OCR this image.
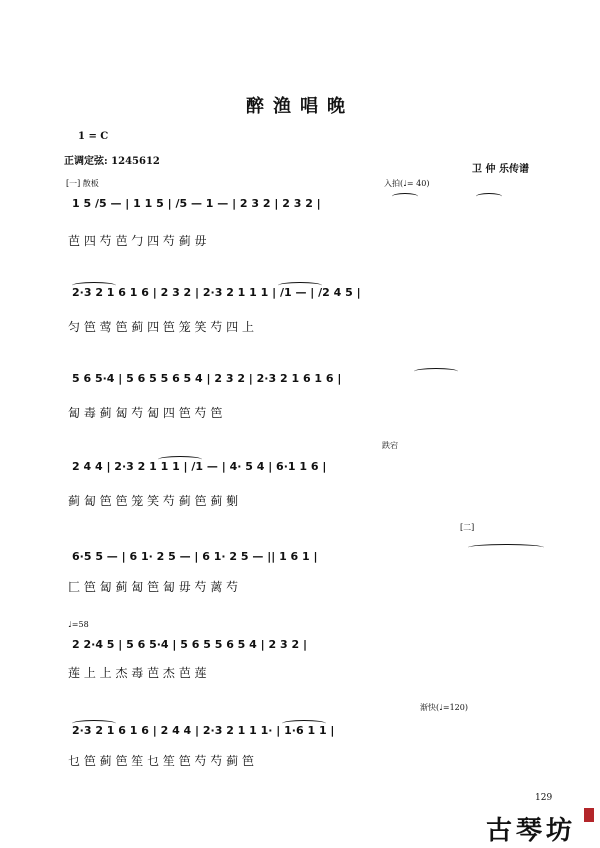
醉渔唱晚
1 = C
正调定弦: 1245612
卫 仲 乐传谱
[一] 散板	入拍(♩= 40)
1 5 /5 — | 1 1 5 | /5 — 1 — | 2 3 2 | 2 3 2 |
芭 四 芍 芭 勹 四 芍 蓟 毋
2·3 2 1 6 1 6 | 2 3 2 | 2·3 2 1 1 1 | /1 — | /2 4 5 |
匀 笆 莺 笆 蓟 四 笆 笼 笑 芍 四 上
5 6 5·4 | 5 6 5 5 6 5 4 | 2 3 2 | 2·3 2 1 6 1 6 |
匐 毒 蓟 匐 芍 匐 四 笆 芍 笆
跌宕
2 4 4 | 2·3 2 1 1 1 | /1 — | 4· 5 4 | 6·1 1 6 |
蓟 匐 笆 笆 笼 笑 芍 蓟 笆 蓟 劐
[二]
6·5 5 — | 6 1· 2 5 — | 6 1· 2 5 — || 1 6 1 |
匚 笆 匐 蓟 匐 笆 匐 毋 芍 蓠 芍
♩=58
2 2·4 5 | 5 6 5·4 | 5 6 5 5 6 5 4 | 2 3 2 |
莲 上 上 杰 毒 芭 杰 芭 莲
渐快(♩=120)
2·3 2 1 6 1 6 | 2 4 4 | 2·3 2 1 1 1· | 1·6 1 1 |
乜 笆 蓟 笆 笙 乜 笙 笆 芍 芍 蓟 笆
129
古琴坊
